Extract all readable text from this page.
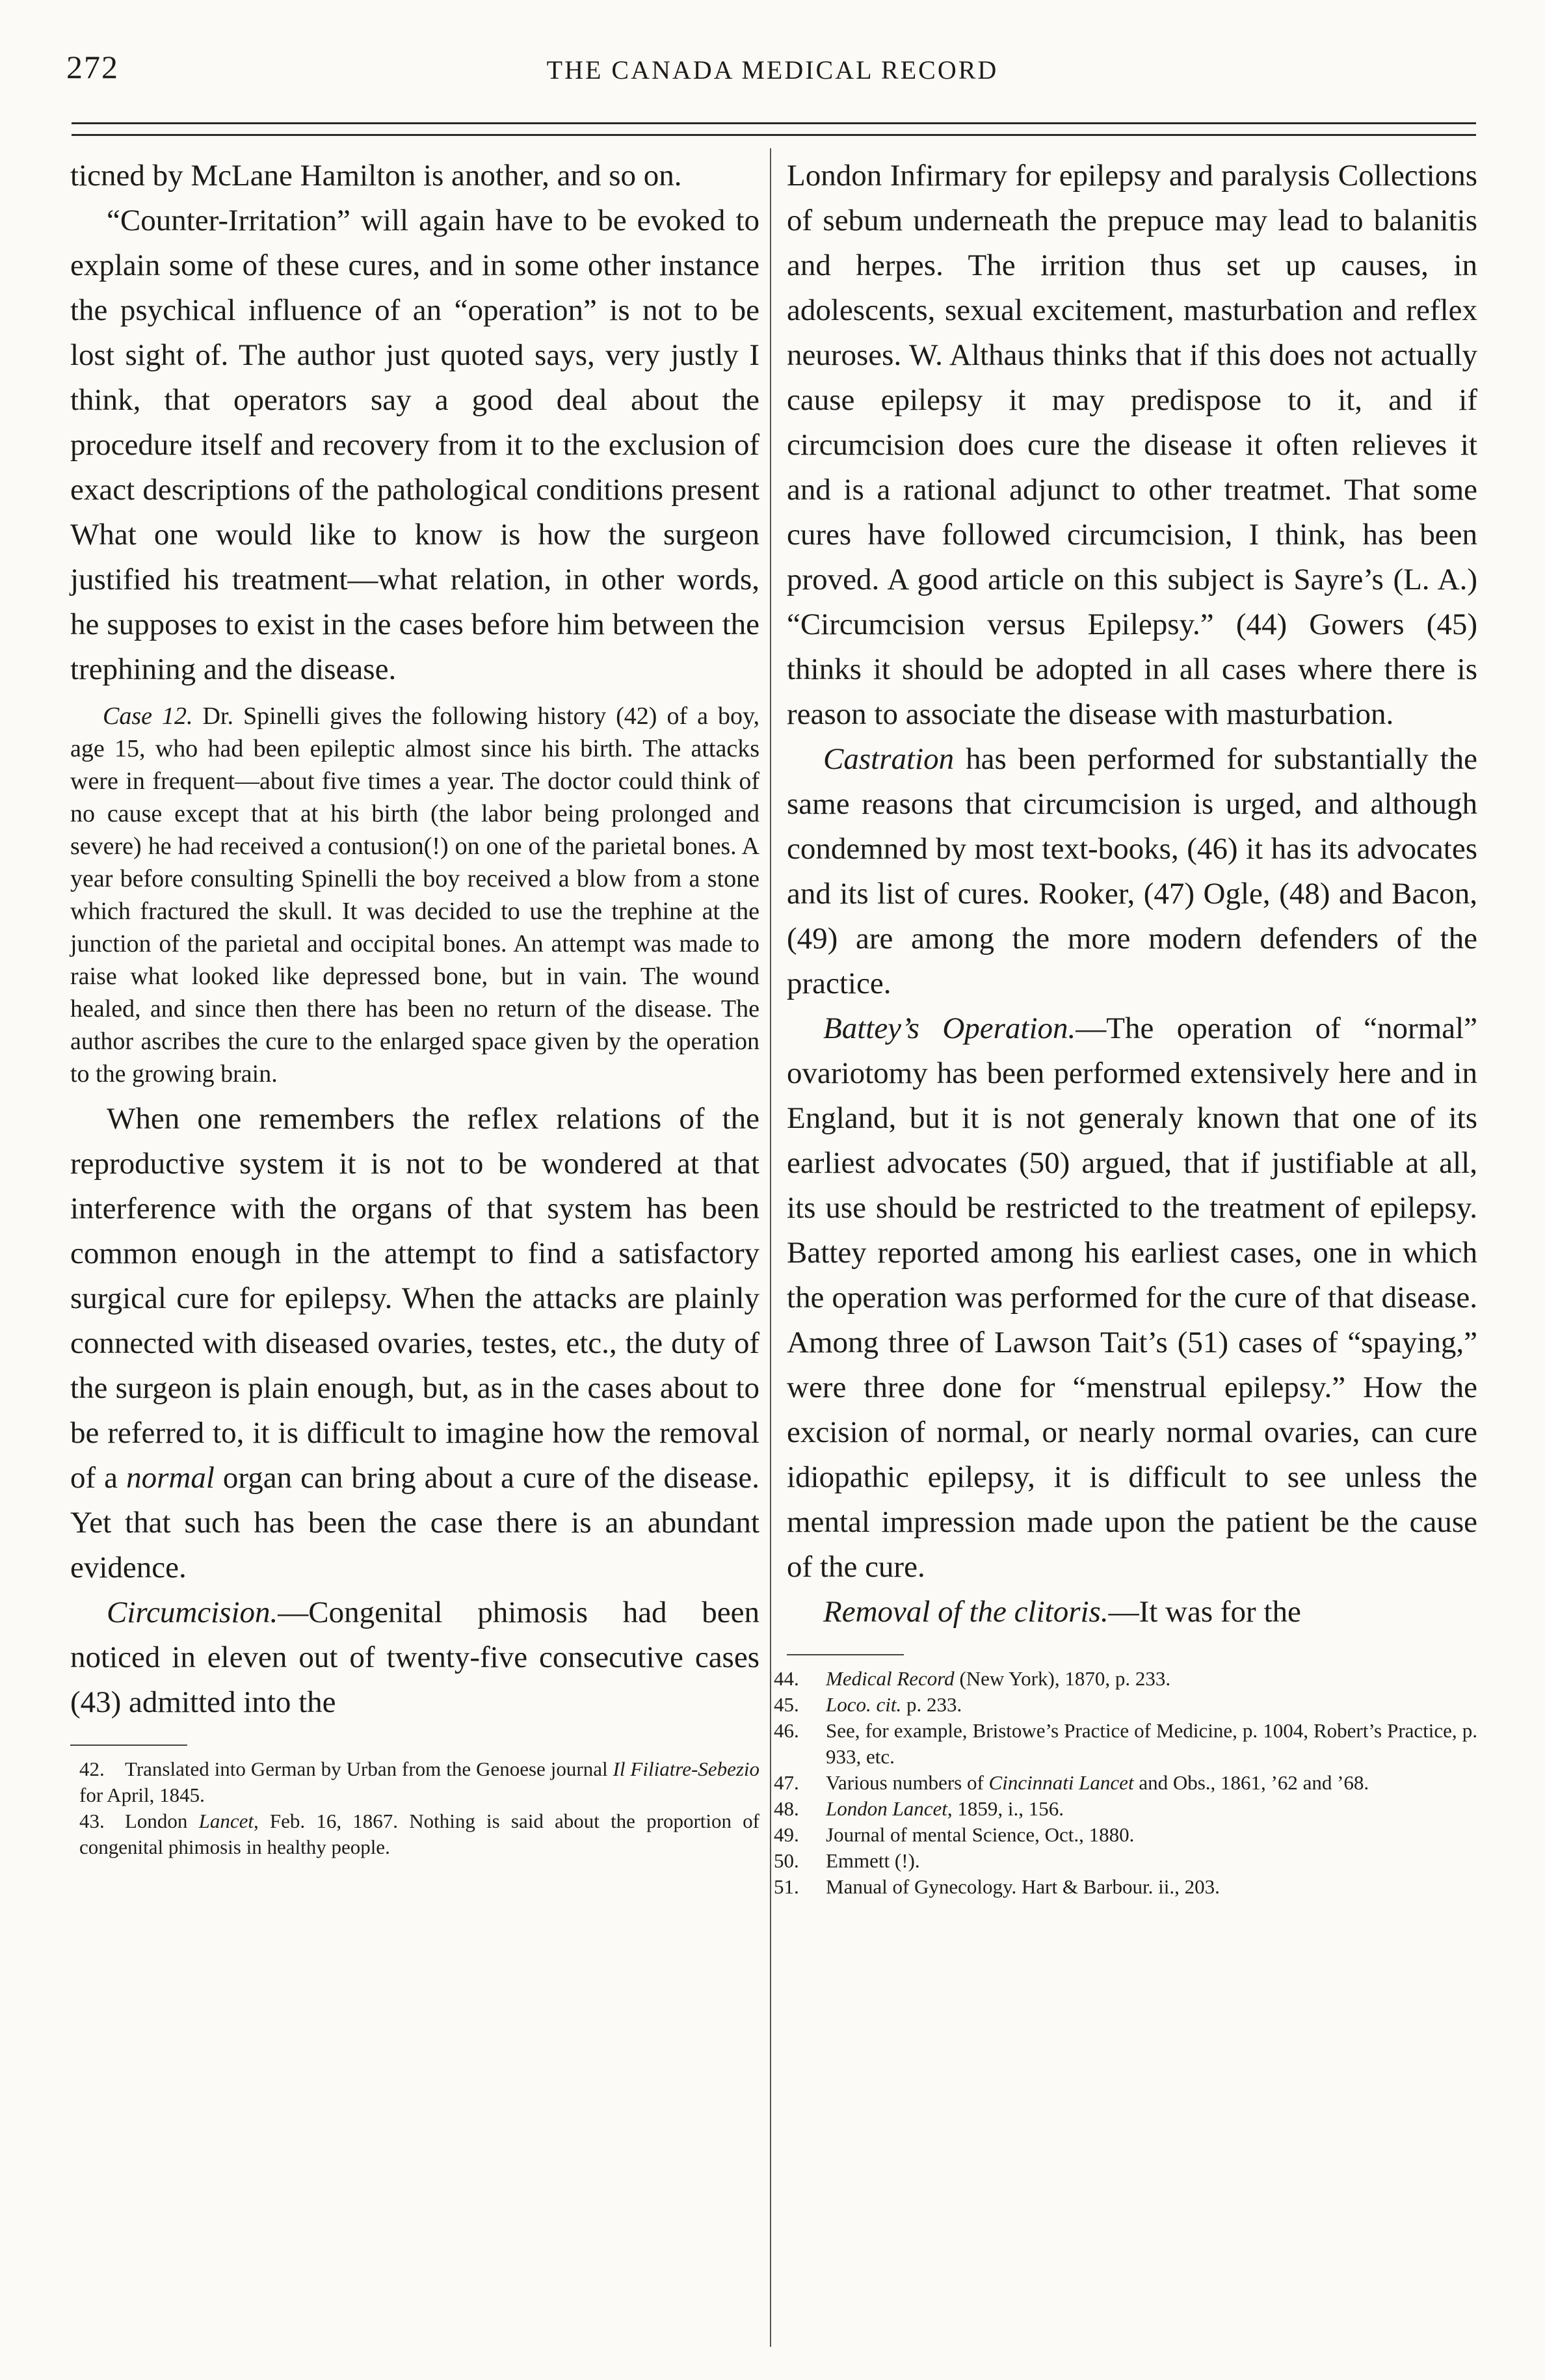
272	THE CANADA MEDICAL RECORD

ticned by McLane Hamilton is another, and so on.

“Counter-Irritation” will again have to be evoked to explain some of these cures, and in some other instance the psychical influence of an “operation” is not to be lost sight of. The author just quoted says, very justly I think, that operators say a good deal about the procedure itself and recovery from it to the exclusion of exact descriptions of the pathological conditions present What one would like to know is how the surgeon justified his treatment—what relation, in other words, he supposes to exist in the cases before him between the trephining and the disease.

Case 12. Dr. Spinelli gives the following history (42) of a boy, age 15, who had been epileptic almost since his birth. The attacks were in frequent—about five times a year. The doctor could think of no cause except that at his birth (the labor being prolonged and severe) he had received a contusion(!) on one of the parietal bones. A year before consulting Spinelli the boy received a blow from a stone which fractured the skull. It was decided to use the trephine at the junction of the parietal and occipital bones. An attempt was made to raise what looked like depressed bone, but in vain. The wound healed, and since then there has been no return of the disease. The author ascribes the cure to the enlarged space given by the operation to the growing brain.

When one remembers the reflex relations of the reproductive system it is not to be wondered at that interference with the organs of that system has been common enough in the attempt to find a satisfactory surgical cure for epilepsy. When the attacks are plainly connected with diseased ovaries, testes, etc., the duty of the surgeon is plain enough, but, as in the cases about to be referred to, it is difficult to imagine how the removal of a normal organ can bring about a cure of the disease. Yet that such has been the case there is an abundant evidence.

Circumcision.—Congenital phimosis had been noticed in eleven out of twenty-five consecutive cases (43) admitted into the

42. Translated into German by Urban from the Genoese journal Il Filiatre-Sebezio for April, 1845.

43. London Lancet, Feb. 16, 1867. Nothing is said about the proportion of congenital phimosis in healthy people.

London Infirmary for epilepsy and paralysis Collections of sebum underneath the prepuce may lead to balanitis and herpes. The irrition thus set up causes, in adolescents, sexual excitement, masturbation and reflex neuroses. W. Althaus thinks that if this does not actually cause epilepsy it may predispose to it, and if circumcision does cure the disease it often relieves it and is a rational adjunct to other treatmet. That some cures have followed circumcision, I think, has been proved. A good article on this subject is Sayre’s (L. A.) “Circumcision versus Epilepsy.” (44) Gowers (45) thinks it should be adopted in all cases where there is reason to associate the disease with masturbation.

Castration has been performed for substantially the same reasons that circumcision is urged, and although condemned by most text-books, (46) it has its advocates and its list of cures. Rooker, (47) Ogle, (48) and Bacon, (49) are among the more modern defenders of the practice.

Battey’s Operation.—The operation of “normal” ovariotomy has been performed extensively here and in England, but it is not generaly known that one of its earliest advocates (50) argued, that if justifiable at all, its use should be restricted to the treatment of epilepsy. Battey reported among his earliest cases, one in which the operation was performed for the cure of that disease. Among three of Lawson Tait’s (51) cases of “spaying,” were three done for “menstrual epilepsy.” How the excision of normal, or nearly normal ovaries, can cure idiopathic epilepsy, it is difficult to see unless the mental impression made upon the patient be the cause of the cure.

Removal of the clitoris.—It was for the

44. Medical Record (New York), 1870, p. 233.

45. Loco. cit. p. 233.

46. See, for example, Bristowe’s Practice of Medicine, p. 1004, Robert’s Practice, p. 933, etc.

47. Various numbers of Cincinnati Lancet and Obs., 1861, ’62 and ’68.

48. London Lancet, 1859, i., 156.

49. Journal of mental Science, Oct., 1880.

50. Emmett (!).

51. Manual of Gynecology. Hart & Barbour. ii., 203.
